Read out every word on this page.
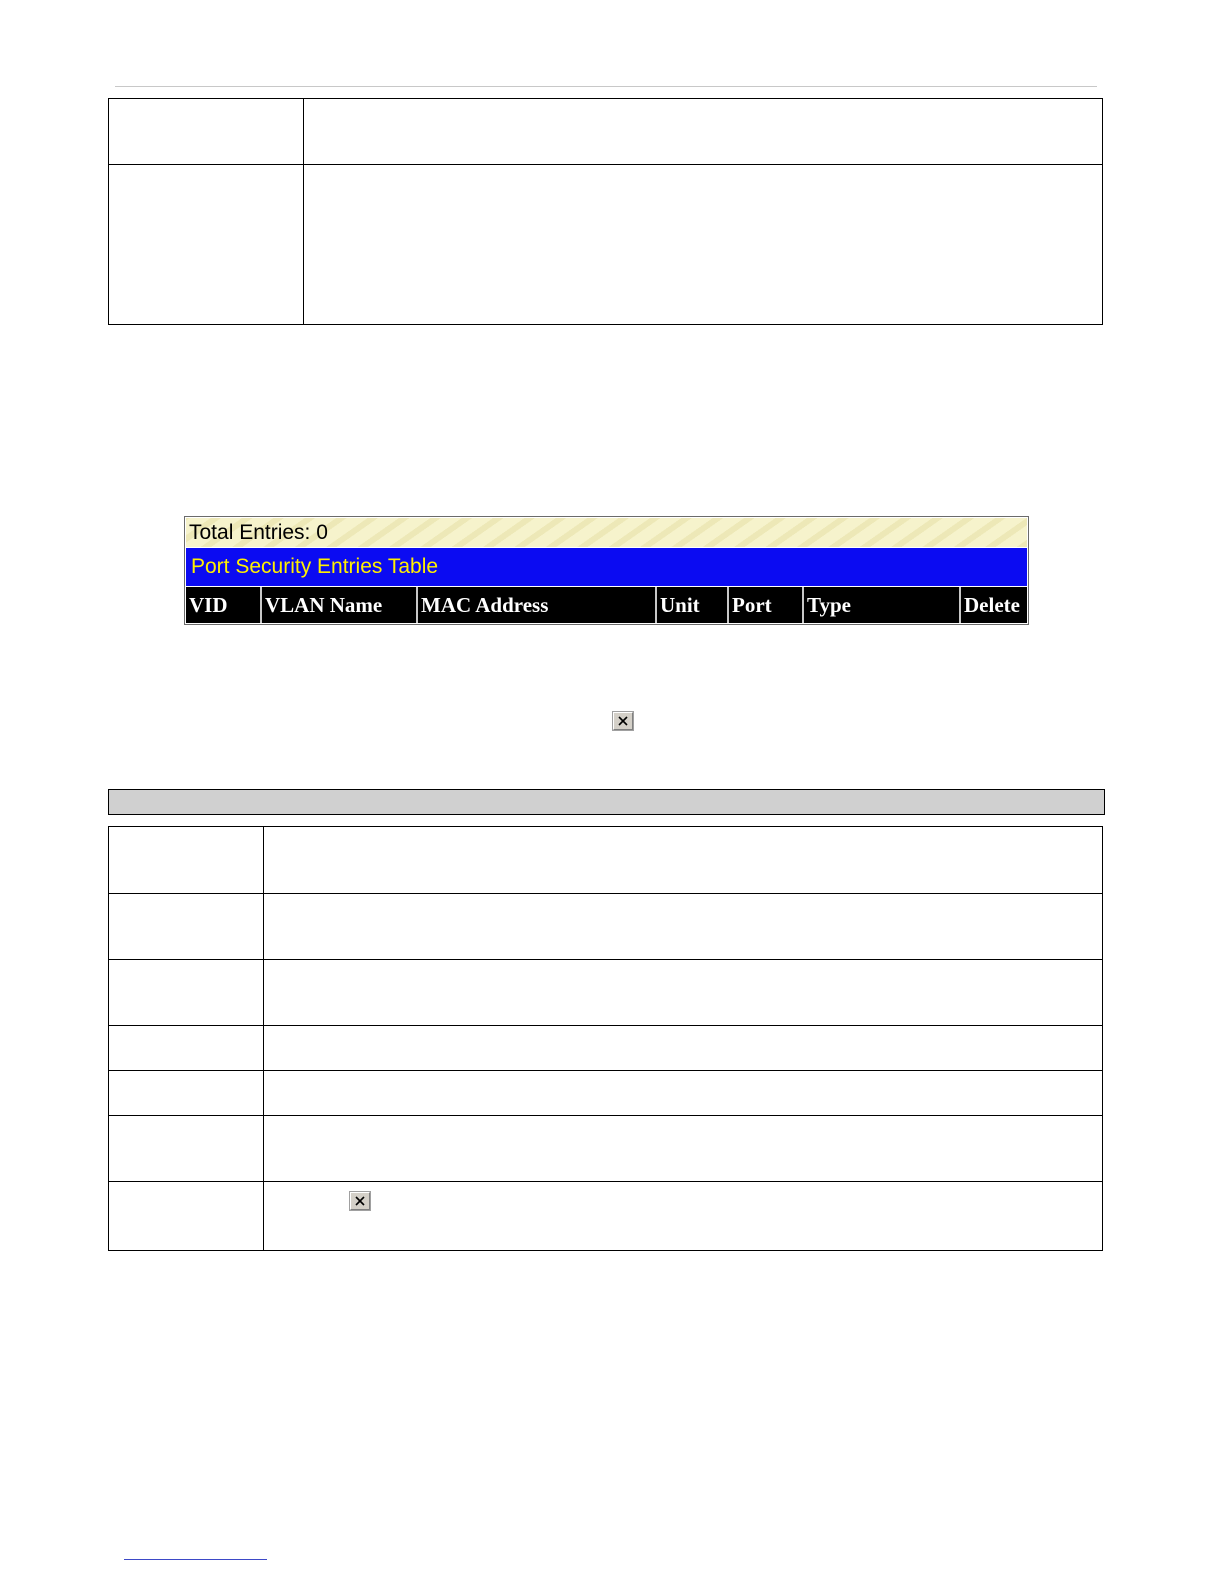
Total Entries: 0
Port Security Entries Table
VID	VLAN Name	MAC Address	Unit	Port	Type	Delete
